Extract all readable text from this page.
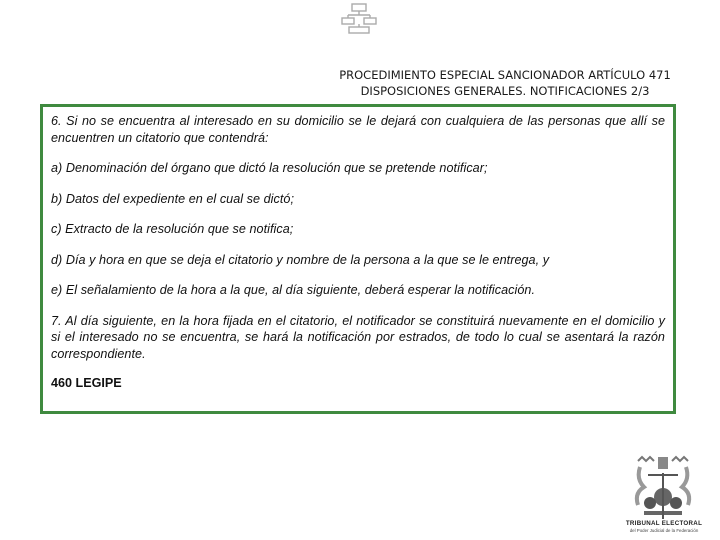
PROCEDIMIENTO ESPECIAL SANCIONADOR ARTÍCULO 471
DISPOSICIONES GENERALES. NOTIFICACIONES 2/3

6. Si no se encuentra al interesado en su domicilio se le dejará con cualquiera de las personas que allí se encuentren un citatorio que contendrá:

a) Denominación del órgano que dictó la resolución que se pretende notificar;

b) Datos del expediente en el cual se dictó;

c) Extracto de la resolución que se notifica;

d) Día y hora en que se deja el citatorio y nombre de la persona a la que se le entrega, y

e) El señalamiento de la hora a la que, al día siguiente, deberá esperar la notificación.

7. Al día siguiente, en la hora fijada en el citatorio, el notificador se constituirá nuevamente en el domicilio y si el interesado no se encuentra, se hará la notificación por estrados, de todo lo cual se asentará la razón correspondiente.

460 LEGIPE
TRIBUNAL ELECTORAL
del Poder Judicial de la Federación
